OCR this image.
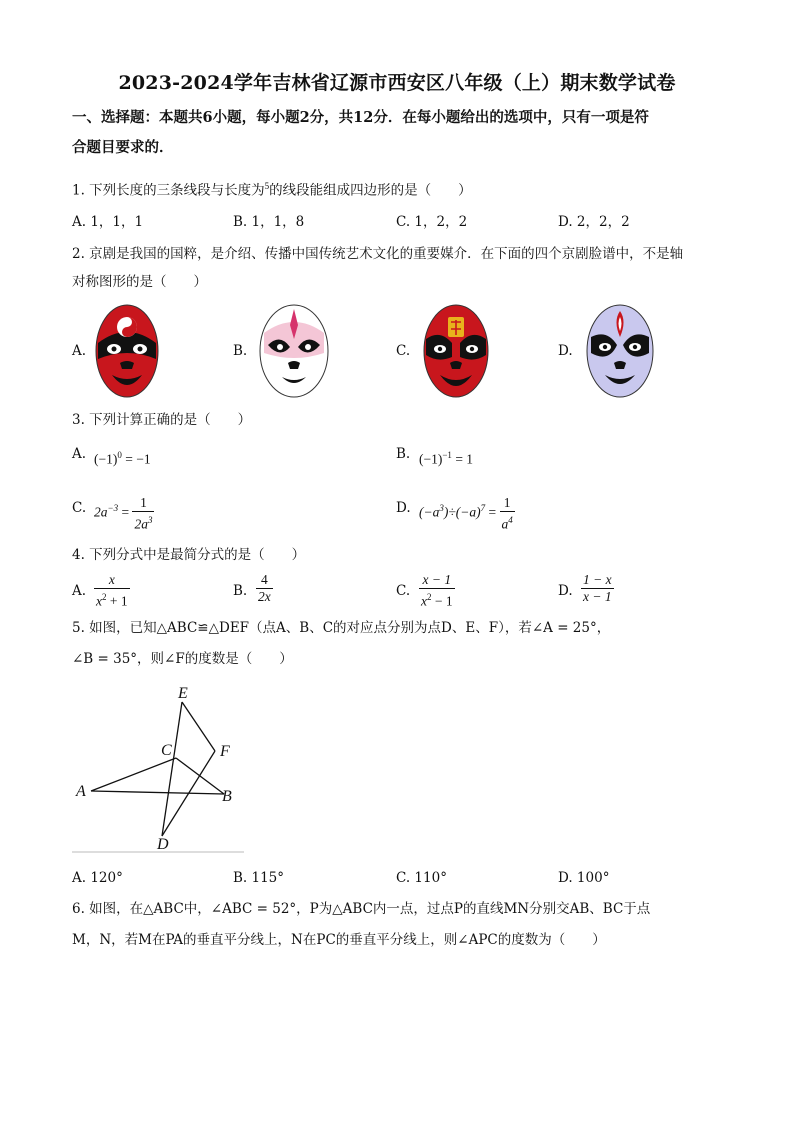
2023-2024学年吉林省辽源市西安区八年级（上）期末数学试卷
一、选择题：本题共6小题，每小题2分，共12分．在每小题给出的选项中，只有一项是符
合题目要求的．
1. 下列长度的三条线段与长度为$^5$的线段能组成四边形的是（　　）
A. 1，1，1	B. 1，1，8	C. 1，2，2	D. 2，2，2
2. 京剧是我国的国粹，是介绍、传播中国传统艺术文化的重要媒介．在下面的四个京剧脸谱中，不是轴
对称图形的是（　　）
A.	B.	C.	D.
3. 下列计算正确的是（　　）
A. $(-1)^0 = -1$	B. $(-1)^{-1} = 1$
C. $2a^{-3} = \frac{1}{2a^3}$	D. $(-a^3)\div(-a)^7 = \frac{1}{a^4}$
4. 下列分式中是最简分式的是（　　）
A. $\frac{x}{x^2 + 1}$	B. $\frac{4}{2x}$	C. $\frac{x - 1}{x^2 - 1}$	D. $\frac{1 - x}{x - 1}$
5. 如图，已知△ABC≌△DEF（点A、B、C的对应点分别为点D、E、F），若∠A = 25°，
∠B = 35°，则∠F的度数是（　　）
E
C	F
A	B
D
A. 120°	B. 115°	C. 110°	D. 100°
6. 如图，在△ABC中，∠ABC = 52°，P为△ABC内一点，过点P的直线MN分别交AB、BC于点
M，N，若M在PA的垂直平分线上，N在PC的垂直平分线上，则∠APC的度数为（　　）
